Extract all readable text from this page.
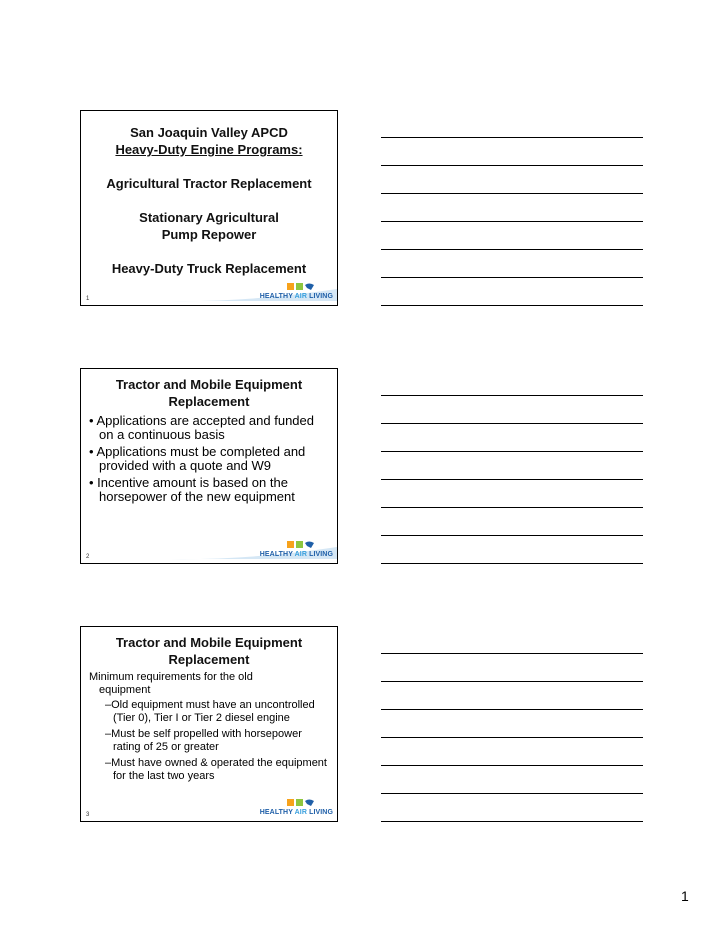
San Joaquin Valley APCD

Heavy-Duty Engine Programs:

Agricultural Tractor Replacement

Stationary Agricultural Pump Repower

Heavy-Duty Truck Replacement

HEALTHY AIR LIVING
1

Tractor and Mobile Equipment Replacement

• Applications are accepted and funded on a continuous basis
• Applications must be completed and provided with a quote and W9
• Incentive amount is based on the horsepower of the new equipment
HEALTHY AIR LIVING
2

Tractor and Mobile Equipment Replacement

Minimum requirements for the old equipment
–Old equipment must have an uncontrolled (Tier 0), Tier I or Tier 2 diesel engine
–Must be self propelled with horsepower rating of 25 or greater
–Must have owned & operated the equipment for the last two years
HEALTHY AIR LIVING
3
1
